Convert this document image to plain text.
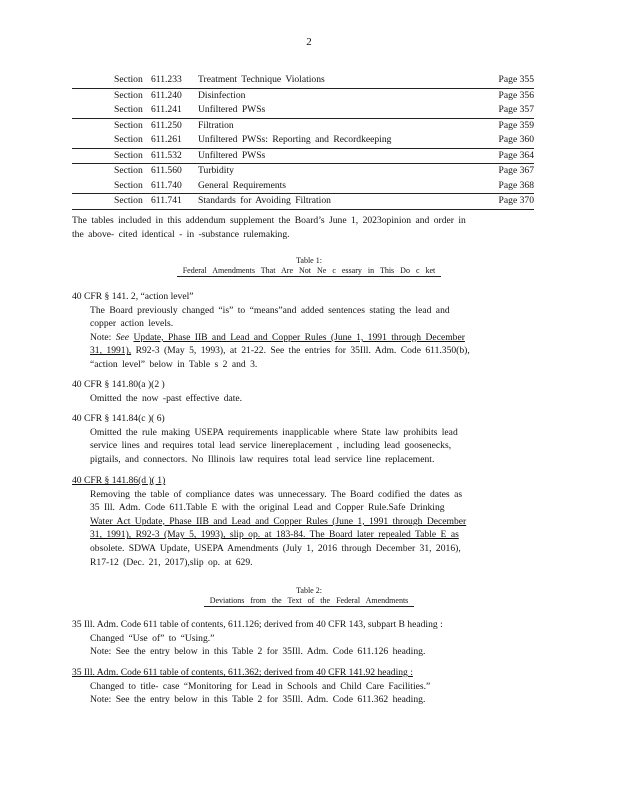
2
Section 611.233 Treatment Technique Violations	Page 355
Section 611.240 Disinfection	Page 356
Section 611.241 Unfiltered PWSs	Page 357
Section 611.250 Filtration	Page 359
Section 611.261 Unfiltered PWSs: Reporting and Recordkeeping	Page 360
Section 611.532 Unfiltered PWSs	Page 364
Section 611.560 Turbidity	Page 367
Section 611.740 General Requirements	Page 368
Section 611.741 Standards for Avoiding Filtration	Page 370
The tables included in this addendum supplement the Board’s June 1, 2023opinion and order in
the above- cited identical - in -substance rulemaking.
Table 1:
Federal Amendments That Are Not Ne c essary in This Do c ket
40 CFR § 141. 2, “action level”
The Board previously changed “is” to “means”and added sentences stating the lead and
copper action levels.
Note: See Update, Phase IIB and Lead and Copper Rules (June 1, 1991 through December
31, 1991), R92-3 (May 5, 1993), at 21-22. See the entries for 35Ill. Adm. Code 611.350(b),
“action level” below in Table s 2 and 3.
40 CFR § 141.80(a )(2 )
Omitted the now -past effective date.
40 CFR § 141.84(c )( 6)
Omitted the rule making USEPA requirements inapplicable where State law prohibits lead
service lines and requires total lead service linereplacement , including lead goosenecks,
pigtails, and connectors. No Illinois law requires total lead service line replacement.
40 CFR § 141.86(d )( 1)
Removing the table of compliance dates was unnecessary. The Board codified the dates as
35 Ill. Adm. Code 611.Table E with the original Lead and Copper Rule.Safe Drinking
Water Act Update, Phase IIB and Lead and Copper Rules (June 1, 1991 through December
31, 1991), R92-3 (May 5, 1993), slip op. at 183-84. The Board later repealed Table E as
obsolete. SDWA Update, USEPA Amendments (July 1, 2016 through December 31, 2016),
R17-12 (Dec. 21, 2017),slip op. at 629.
Table 2:
Deviations from the Text of the Federal Amendments
35 Ill. Adm. Code 611 table of contents, 611.126; derived from 40 CFR 143, subpart B heading :
Changed “Use of” to “Using.”
Note: See the entry below in this Table 2 for 35Ill. Adm. Code 611.126 heading.
35 Ill. Adm. Code 611 table of contents, 611.362; derived from 40 CFR 141.92 heading :
Changed to title- case “Monitoring for Lead in Schools and Child Care Facilities.”
Note: See the entry below in this Table 2 for 35Ill. Adm. Code 611.362 heading.
